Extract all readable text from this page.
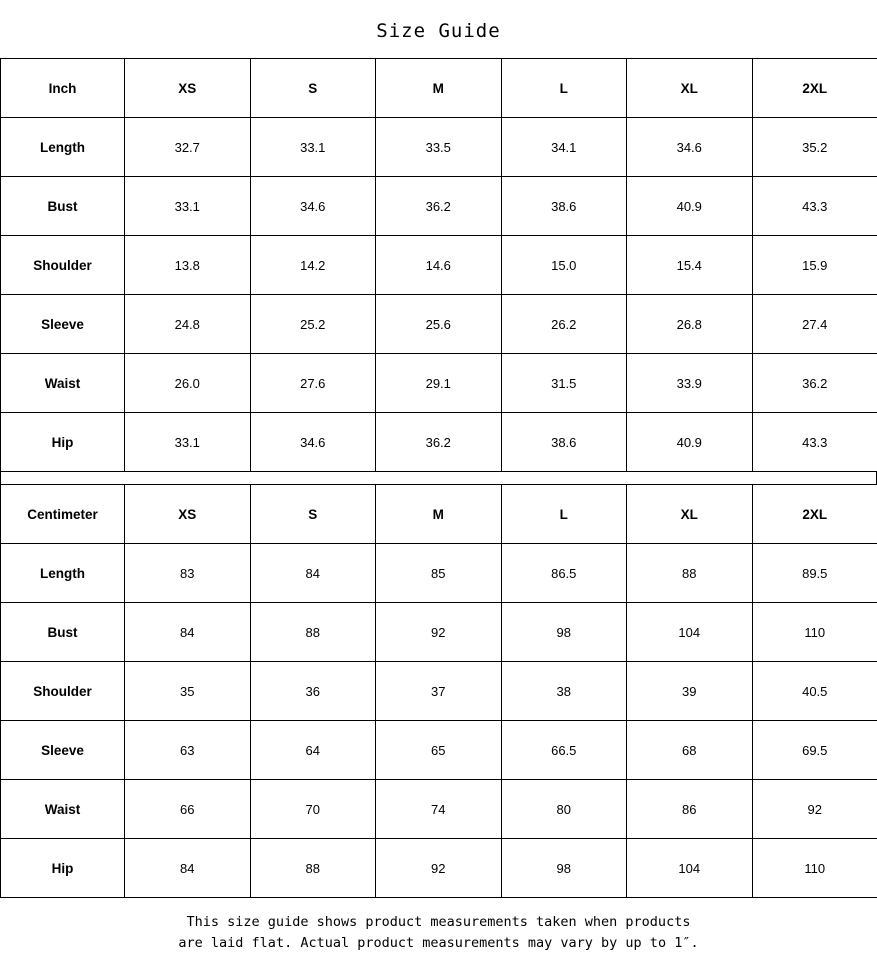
Size Guide
Inch	XS	S	M	L	XL	2XL
Length	32.7	33.1	33.5	34.1	34.6	35.2
Bust	33.1	34.6	36.2	38.6	40.9	43.3
Shoulder	13.8	14.2	14.6	15.0	15.4	15.9
Sleeve	24.8	25.2	25.6	26.2	26.8	27.4
Waist	26.0	27.6	29.1	31.5	33.9	36.2
Hip	33.1	34.6	36.2	38.6	40.9	43.3
Centimeter	XS	S	M	L	XL	2XL
Length	83	84	85	86.5	88	89.5
Bust	84	88	92	98	104	110
Shoulder	35	36	37	38	39	40.5
Sleeve	63	64	65	66.5	68	69.5
Waist	66	70	74	80	86	92
Hip	84	88	92	98	104	110
This size guide shows product measurements taken when products
are laid flat. Actual product measurements may vary by up to 1″.
